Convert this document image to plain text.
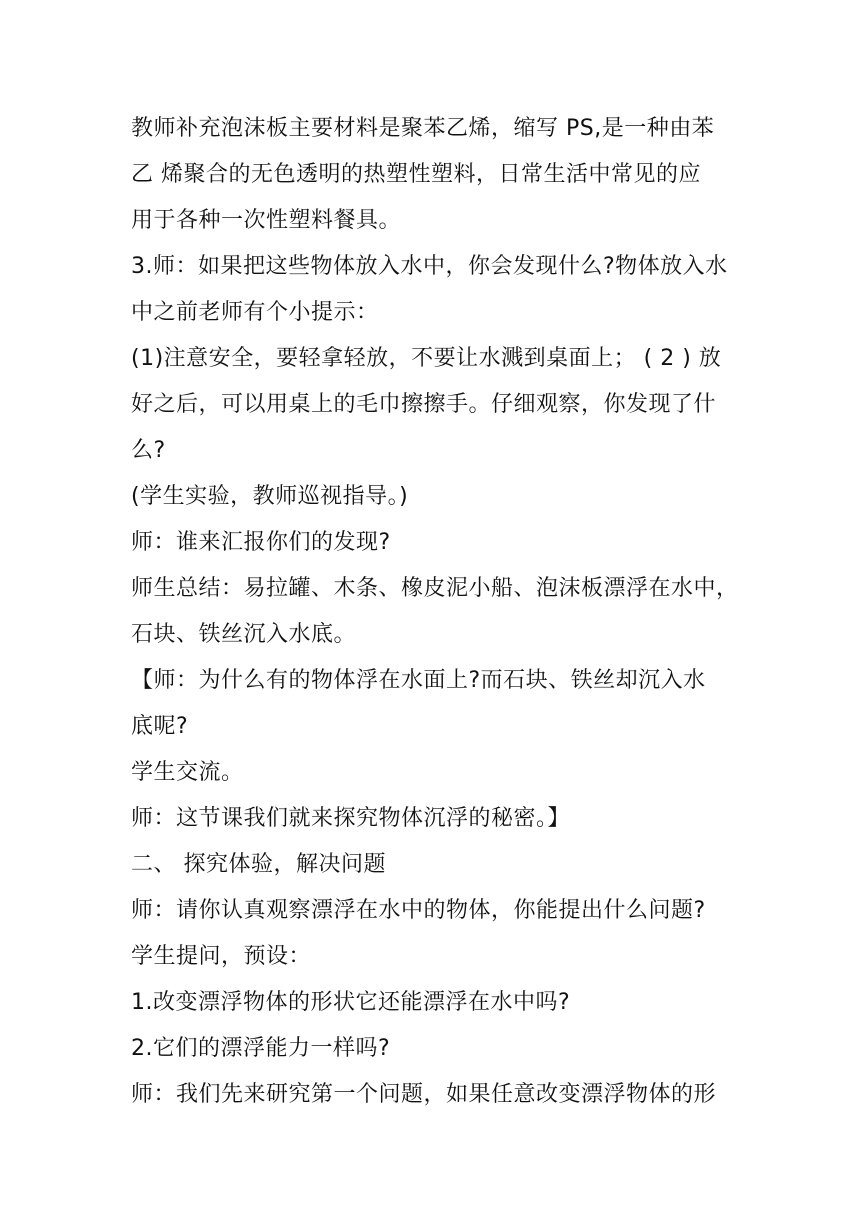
教师补充泡沫板主要材料是聚苯乙烯，缩写 PS,是一种由苯
乙 烯聚合的无色透明的热塑性塑料，日常生活中常见的应
用于各种一次性塑料餐具。
3.师：如果把这些物体放入水中，你会发现什么?物体放入水
中之前老师有个小提示：
(1)注意安全，要轻拿轻放，不要让水溅到桌面上； ( 2 ) 放
好之后，可以用桌上的毛巾擦擦手。仔细观察，你发现了什
么?
(学生实验，教师巡视指导。)
师：谁来汇报你们的发现?
师生总结：易拉罐、木条、橡皮泥小船、泡沫板漂浮在水中，
石块、铁丝沉入水底。
【师：为什么有的物体浮在水面上?而石块、铁丝却沉入水
底呢?
学生交流。
师：这节课我们就来探究物体沉浮的秘密。】
二、 探究体验，解决问题
师：请你认真观察漂浮在水中的物体，你能提出什么问题?
学生提问，预设：
1.改变漂浮物体的形状它还能漂浮在水中吗?
2.它们的漂浮能力一样吗?
师：我们先来研究第一个问题，如果任意改变漂浮物体的形
